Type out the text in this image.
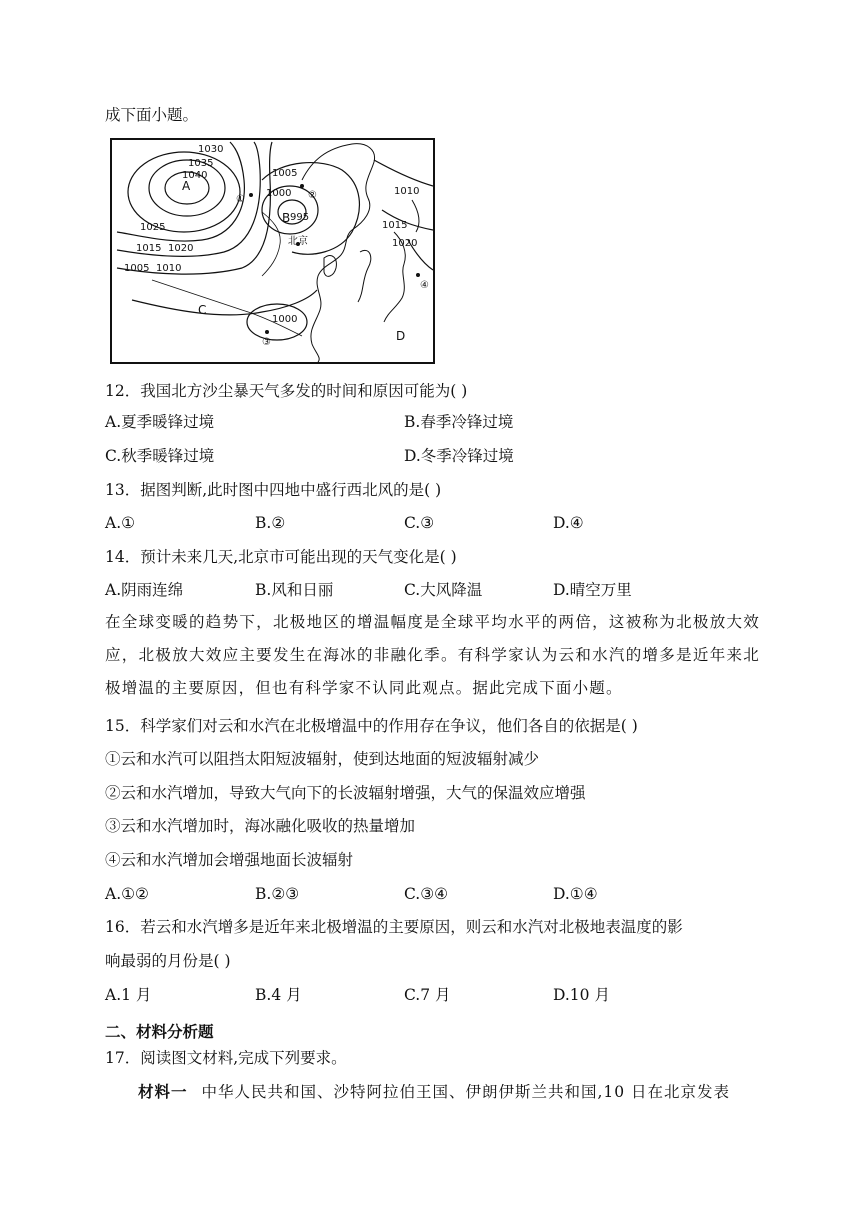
成下面小题。
1030
1035
1040
1025
1015 1020
1005 1010
1005
1000
995
1010
1015
1020
1000
A
B
C
D
①	②
③
④
北京
12．我国北方沙尘暴天气多发的时间和原因可能为( )
A.夏季暖锋过境	B.春季冷锋过境
C.秋季暖锋过境	D.冬季冷锋过境
13．据图判断,此时图中四地中盛行西北风的是( )
A.①	B.②	C.③	D.④
14．预计未来几天,北京市可能出现的天气变化是( )
A.阴雨连绵	B.风和日丽	C.大风降温	D.晴空万里
在全球变暖的趋势下，北极地区的增温幅度是全球平均水平的两倍，这被称为北极放大效应，北极放大效应主要发生在海冰的非融化季。有科学家认为云和水汽的增多是近年来北极增温的主要原因，但也有科学家不认同此观点。据此完成下面小题。
15．科学家们对云和水汽在北极增温中的作用存在争议，他们各自的依据是( )
①云和水汽可以阻挡太阳短波辐射，使到达地面的短波辐射减少
②云和水汽增加，导致大气向下的长波辐射增强，大气的保温效应增强
③云和水汽增加时，海冰融化吸收的热量增加
④云和水汽增加会增强地面长波辐射
A.①②	B.②③	C.③④	D.①④
16．若云和水汽增多是近年来北极增温的主要原因，则云和水汽对北极地表温度的影
响最弱的月份是( )
A.1 月	B.4 月	C.7 月	D.10 月
二、材料分析题
17．阅读图文材料,完成下列要求。
材料一 中华人民共和国、沙特阿拉伯王国、伊朗伊斯兰共和国,10 日在北京发表
